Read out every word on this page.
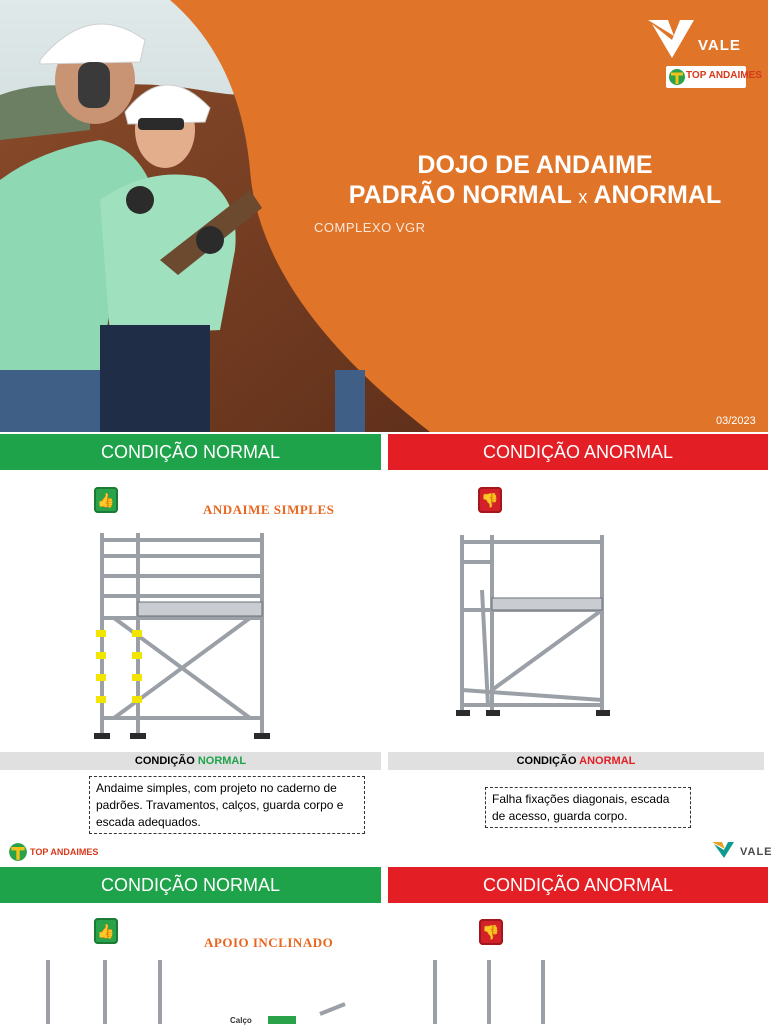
VALE
TOP ANDAIMES
DOJO DE ANDAIME
PADRÃO NORMAL x ANORMAL
COMPLEXO VGR
03/2023
CONDIÇÃO NORMAL	CONDIÇÃO ANORMAL
👍
ANDAIME SIMPLES
👎
CONDIÇÃO NORMAL	CONDIÇÃO ANORMAL
Andaime simples, com projeto no caderno de padrões. Travamentos, calços, guarda corpo e escada adequados.
Falha fixações diagonais, escada de acesso, guarda corpo.
TOP ANDAIMES	VALE
CONDIÇÃO NORMAL	CONDIÇÃO ANORMAL
👍
APOIO INCLINADO
👎
Calço
